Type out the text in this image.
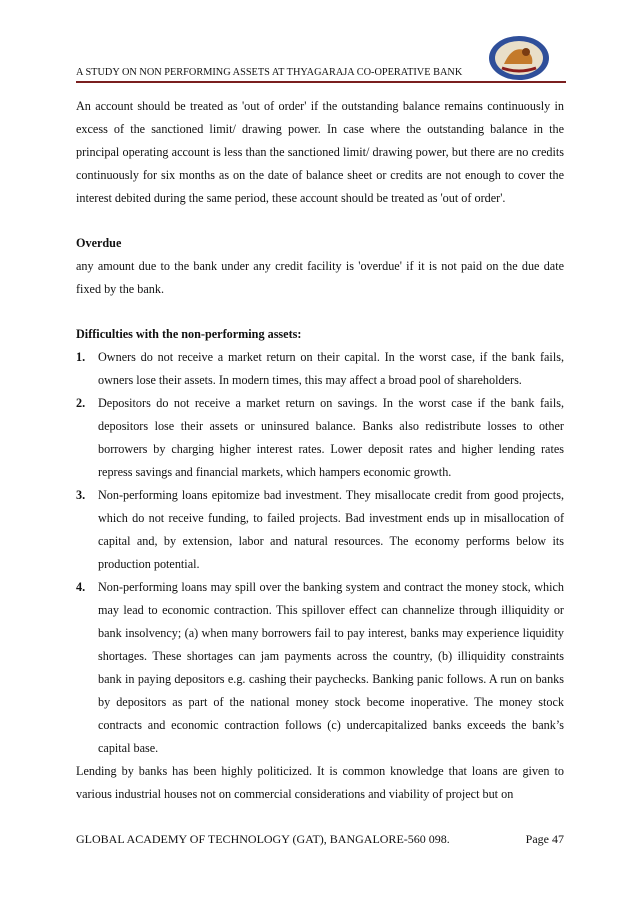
A STUDY ON NON PERFORMING ASSETS AT THYAGARAJA CO-OPERATIVE BANK

An account should be treated as 'out of order' if the outstanding balance remains continuously in excess of the sanctioned limit/ drawing power. In case where the outstanding balance in the principal operating account is less than the sanctioned limit/ drawing power, but there are no credits continuously for six months as on the date of balance sheet or credits are not enough to cover the interest debited during the same period, these account should be treated as 'out of order'.

Overdue

any amount due to the bank under any credit facility is 'overdue' if it is not paid on the due date fixed by the bank.

Difficulties with the non-performing assets:

1.	Owners do not receive a market return on their capital. In the worst case, if the bank fails, owners lose their assets. In modern times, this may affect a broad pool of shareholders.
2.	Depositors do not receive a market return on savings. In the worst case if the bank fails, depositors lose their assets or uninsured balance. Banks also redistribute losses to other borrowers by charging higher interest rates. Lower deposit rates and higher lending rates repress savings and financial markets, which hampers economic growth.
3.	Non-performing loans epitomize bad investment. They misallocate credit from good projects, which do not receive funding, to failed projects. Bad investment ends up in misallocation of capital and, by extension, labor and natural resources. The economy performs below its production potential.
4.	Non-performing loans may spill over the banking system and contract the money stock, which may lead to economic contraction. This spillover effect can channelize through illiquidity or bank insolvency; (a) when many borrowers fail to pay interest, banks may experience liquidity shortages. These shortages can jam payments across the country, (b) illiquidity constraints bank in paying depositors e.g. cashing their paychecks. Banking panic follows. A run on banks by depositors as part of the national money stock become inoperative. The money stock contracts and economic contraction follows (c) undercapitalized banks exceeds the bank’s capital base.

Lending by banks has been highly politicized. It is common knowledge that loans are given to various industrial houses not on commercial considerations and viability of project but on

GLOBAL ACADEMY OF TECHNOLOGY (GAT), BANGALORE-560 098.	Page 47
